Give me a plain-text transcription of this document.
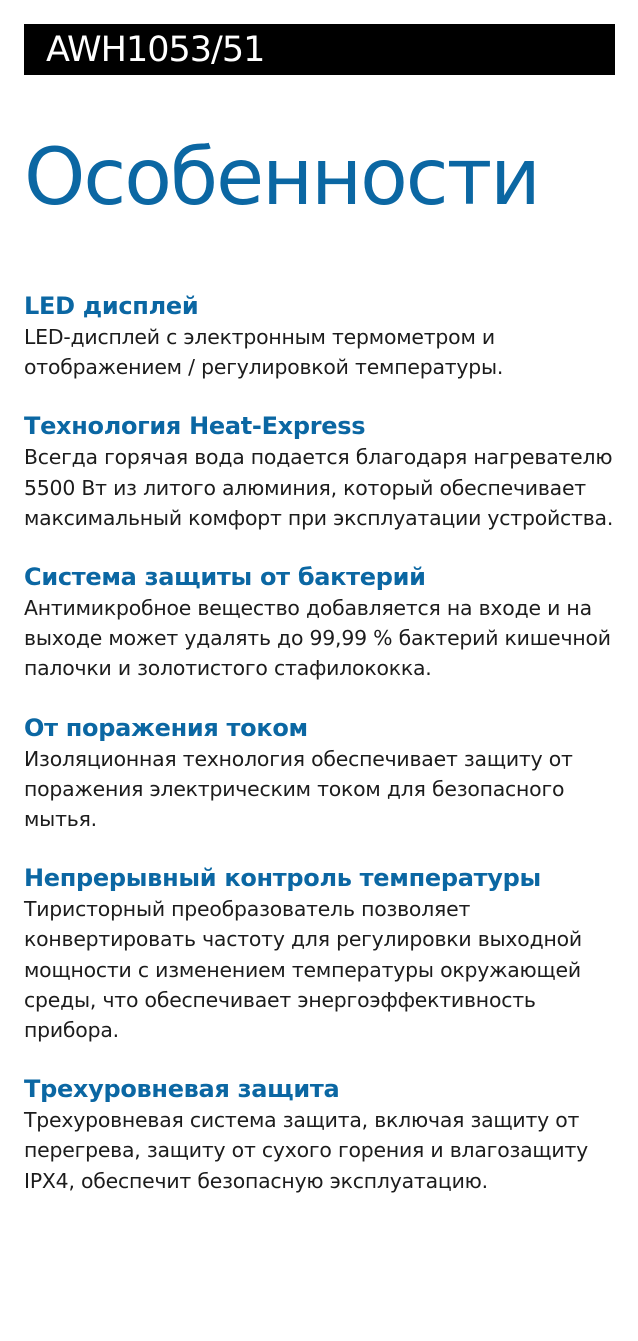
AWH1053/51
Особенности
LED дисплей

LED-дисплей с электронным термометром и отображением / регулировкой температуры.

Технология Heat-Express

Всегда горячая вода подается благодаря нагревателю 5500 Вт из литого алюминия, который обеспечивает максимальный комфорт при эксплуатации устройства.

Система защиты от бактерий

Антимикробное вещество добавляется на входе и на выходе может удалять до 99,99 % бактерий кишечной палочки и золотистого стафилококка.

От поражения током

Изоляционная технология обеспечивает защиту от поражения электрическим током для безопасного мытья.

Непрерывный контроль температуры

Тиристорный преобразователь позволяет конвертировать частоту для регулировки выходной мощности с изменением температуры окружающей среды, что обеспечивает энергоэффективность прибора.

Трехуровневая защита

Трехуровневая система защита, включая защиту от перегрева, защиту от сухого горения и влагозащиту IPX4, обеспечит безопасную эксплуатацию.
